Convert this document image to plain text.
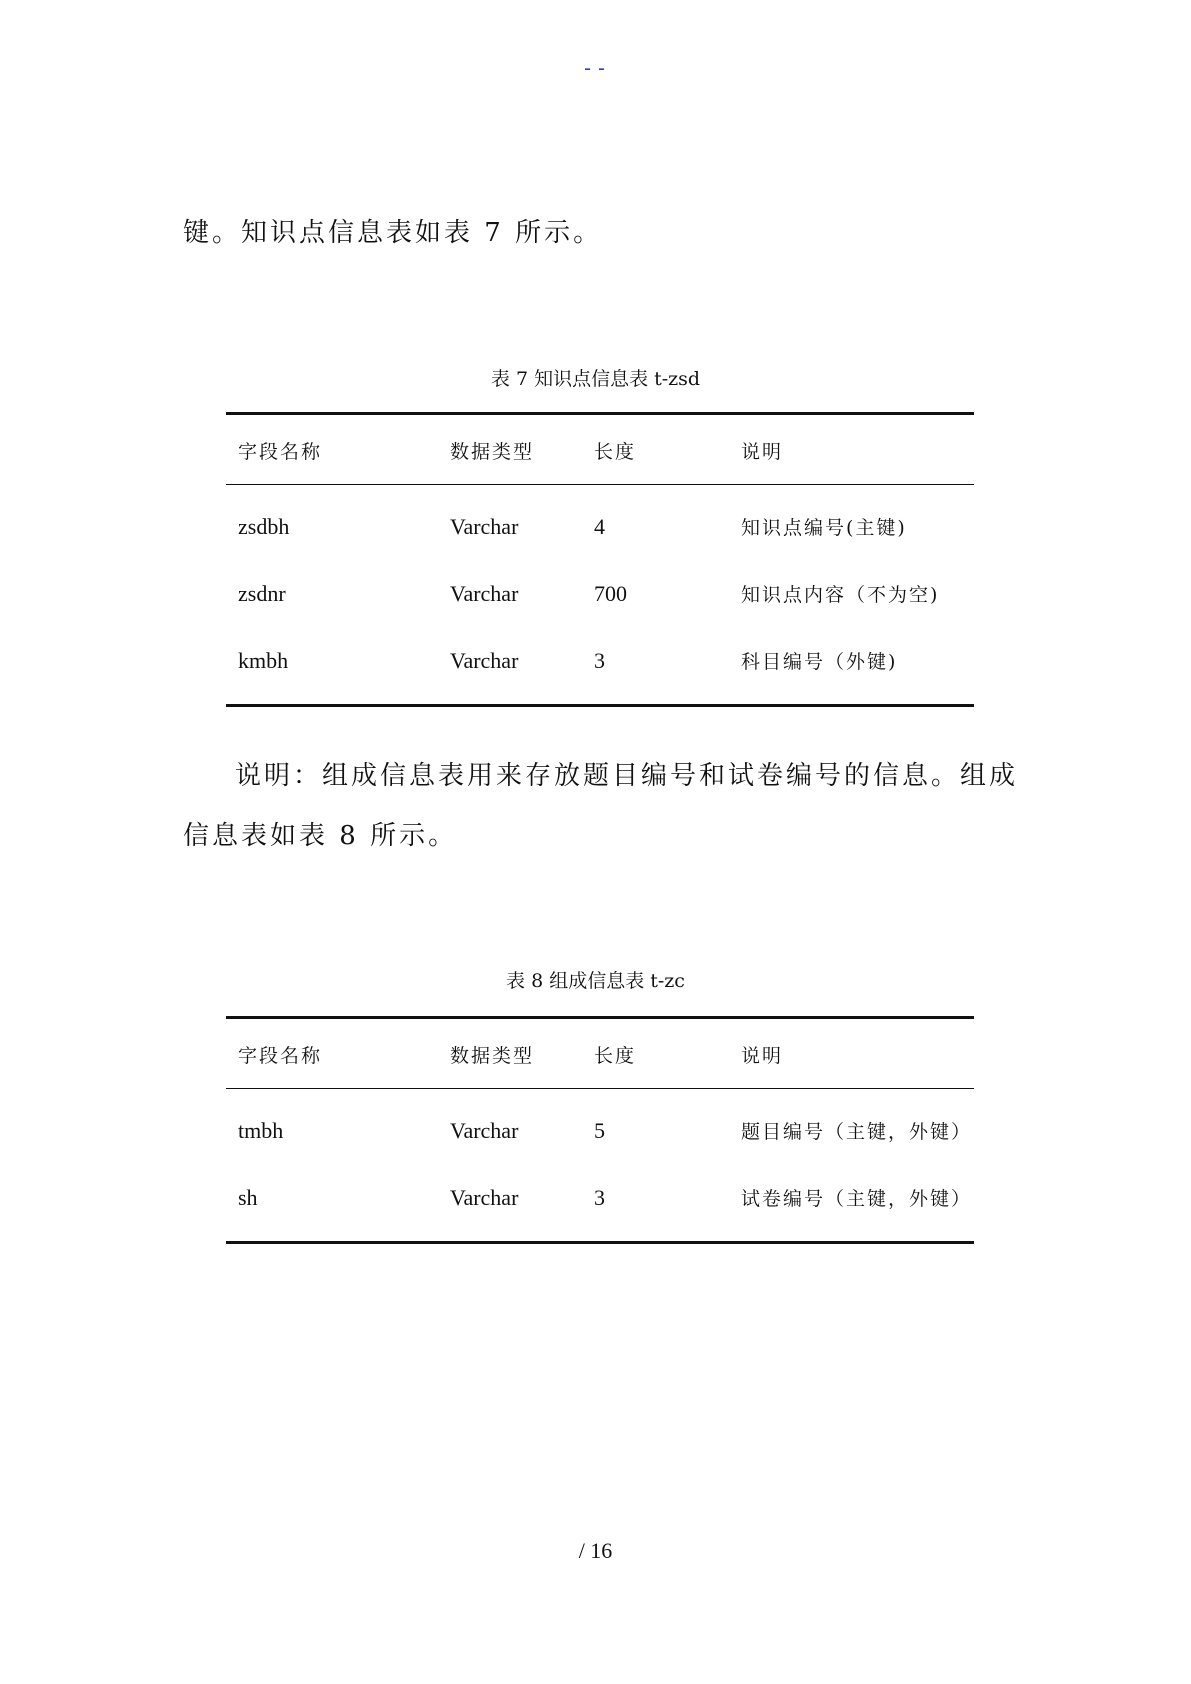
--

键。知识点信息表如表 7 所示。

表 7 知识点信息表 t-zsd

字段名称	数据类型	长度	说明
zsdbh	Varchar	4	知识点编号(主键)
zsdnr	Varchar	700	知识点内容（不为空)
kmbh	Varchar	3	科目编号（外键)

说明：组成信息表用来存放题目编号和试卷编号的信息。组成信息表如表 8 所示。

表 8 组成信息表 t-zc

字段名称	数据类型	长度	说明
tmbh	Varchar	5	题目编号（主键，外键）
sh	Varchar	3	试卷编号（主键，外键）
/ 16
